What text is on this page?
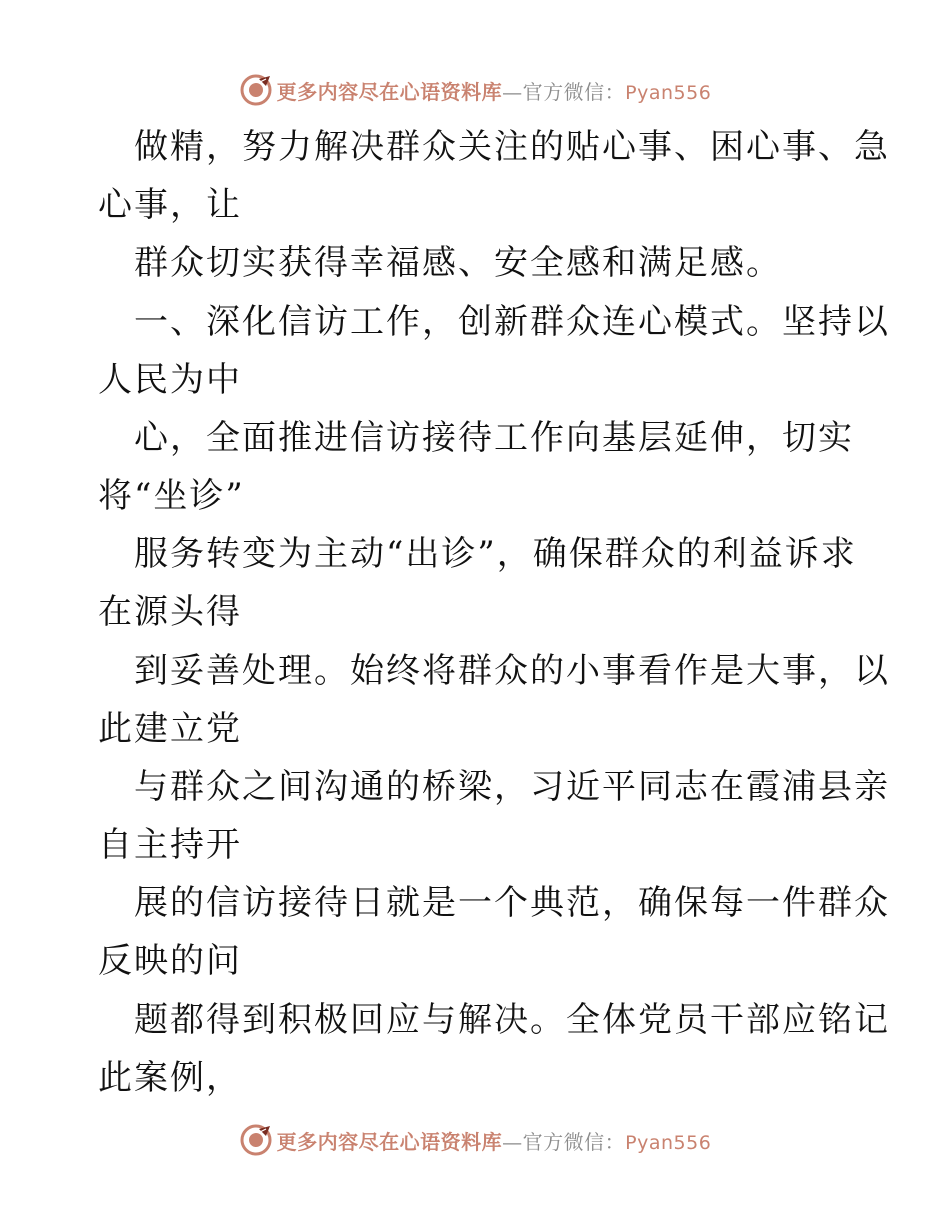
更多内容尽在心语资料库—官方微信：Pyan556
做精，努力解决群众关注的贴心事、困心事、急
心事，让
群众切实获得幸福感、安全感和满足感。
一、深化信访工作，创新群众连心模式。坚持以
人民为中
心，全面推进信访接待工作向基层延伸，切实
将“坐诊”
服务转变为主动“出诊”，确保群众的利益诉求
在源头得
到妥善处理。始终将群众的小事看作是大事，以
此建立党
与群众之间沟通的桥梁，习近平同志在霞浦县亲
自主持开
展的信访接待日就是一个典范，确保每一件群众
反映的问
题都得到积极回应与解决。全体党员干部应铭记
此案例，
更多内容尽在心语资料库—官方微信：Pyan556
